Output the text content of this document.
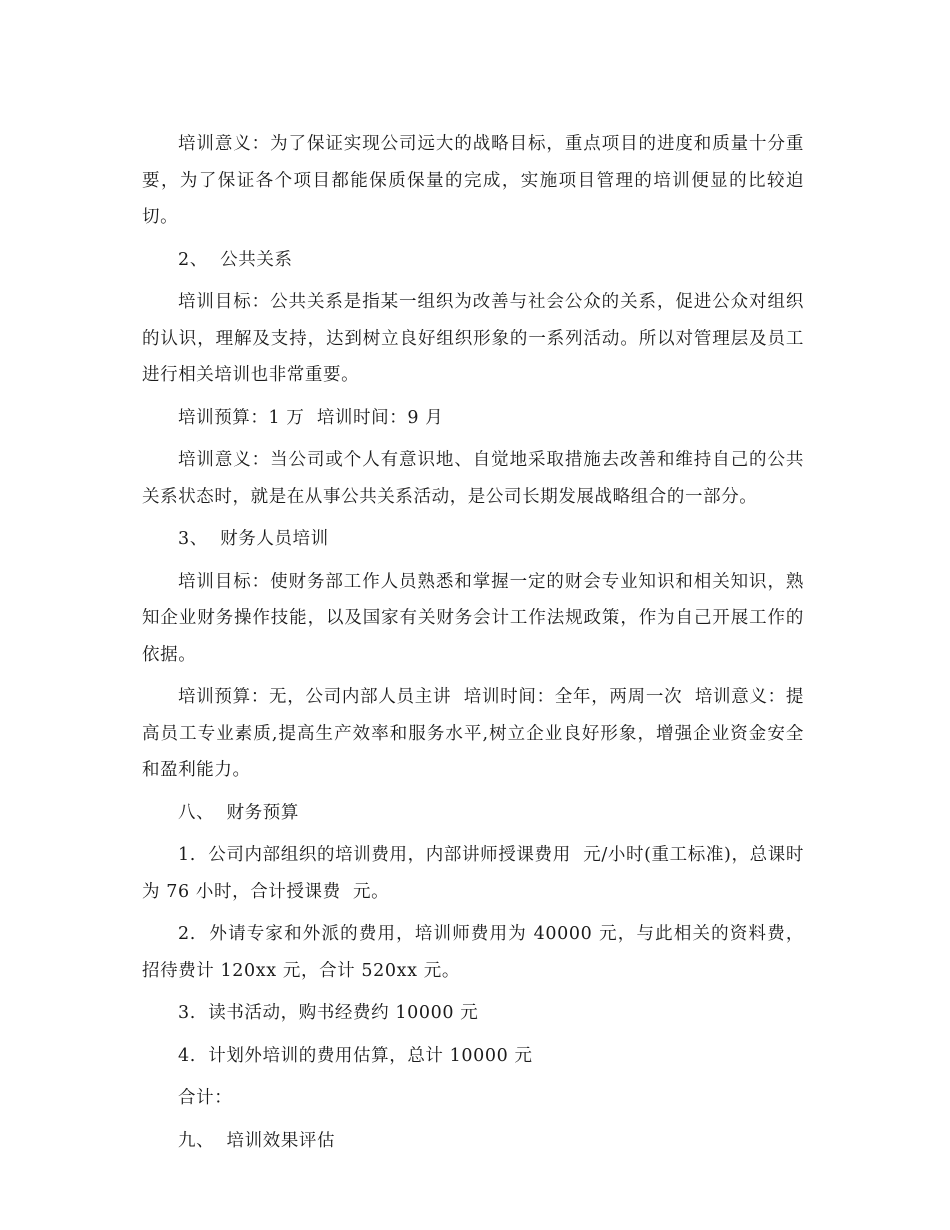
培训意义：为了保证实现公司远大的战略目标，重点项目的进度和质量十分重要，为了保证各个项目都能保质保量的完成，实施项目管理的培训便显的比较迫切。

2、  公共关系

培训目标：公共关系是指某一组织为改善与社会公众的关系，促进公众对组织的认识，理解及支持，达到树立良好组织形象的一系列活动。所以对管理层及员工进行相关培训也非常重要。

培训预算：1 万  培训时间：9 月

培训意义：当公司或个人有意识地、自觉地采取措施去改善和维持自己的公共关系状态时，就是在从事公共关系活动，是公司长期发展战略组合的一部分。

3、  财务人员培训

培训目标：使财务部工作人员熟悉和掌握一定的财会专业知识和相关知识，熟知企业财务操作技能，以及国家有关财务会计工作法规政策，作为自己开展工作的依据。

培训预算：无，公司内部人员主讲  培训时间：全年，两周一次  培训意义：提高员工专业素质,提高生产效率和服务水平,树立企业良好形象，增强企业资金安全和盈利能力。

八、  财务预算

1.  公司内部组织的培训费用，内部讲师授课费用  元/小时(重工标准)，总课时为 76 小时，合计授课费  元。

2.  外请专家和外派的费用，培训师费用为 40000 元，与此相关的资料费，招待费计 120xx 元，合计 520xx 元。

3.  读书活动，购书经费约 10000 元

4.  计划外培训的费用估算，总计 10000 元

合计：

九、  培训效果评估
